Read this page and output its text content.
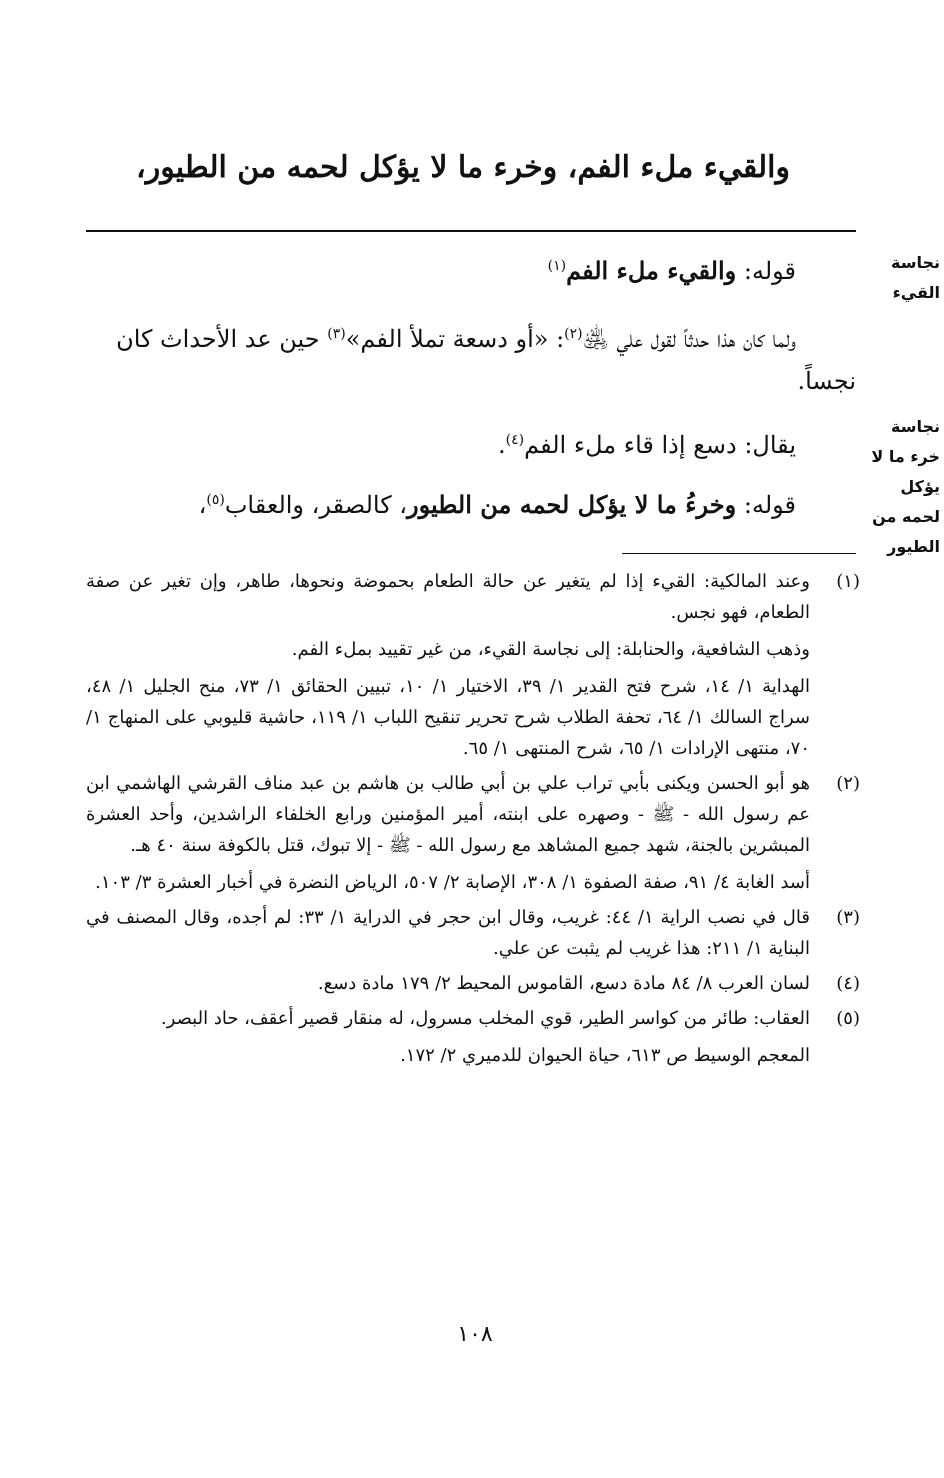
والقيء ملء الفم، وخرء ما لا يؤكل لحمه من الطيور،
نجاسة القيء
نجاسة خرء ما لا يؤكل لحمه من الطيور
قوله: والقيء ملء الفم$^{(١)}$
ولما كان هذا حدثاً لقول علي ﵁$^{(٢)}$: «أو دسعة تملأ الفم»$^{(٣)}$ حين عد الأحداث كان نجساً.
يقال: دسع إذا قاء ملء الفم$^{(٤)}$.
قوله: وخرءُ ما لا يؤكل لحمه من الطيور، كالصقر، والعقاب$^{(٥)}$،
(١)
وعند المالكية: القيء إذا لم يتغير عن حالة الطعام بحموضة ونحوها، طاهر، وإن تغير عن صفة الطعام، فهو نجس.
وذهب الشافعية، والحنابلة: إلى نجاسة القيء، من غير تقييد بملء الفم.
الهداية ١/ ١٤، شرح فتح القدير ١/ ٣٩، الاختيار ١/ ١٠، تبيين الحقائق ١/ ٧٣، منح الجليل ١/ ٤٨، سراج السالك ١/ ٦٤، تحفة الطلاب شرح تحرير تنقيح اللباب ١/ ١١٩، حاشية قليوبي على المنهاج ١/ ٧٠، منتهى الإرادات ١/ ٦٥، شرح المنتهى ١/ ٦٥.
(٢)
هو أبو الحسن ويكنى بأبي تراب علي بن أبي طالب بن هاشم بن عبد مناف القرشي الهاشمي ابن عم رسول الله - ﷺ - وصهره على ابنته، أمير المؤمنين ورابع الخلفاء الراشدين، وأحد العشرة المبشرين بالجنة، شهد جميع المشاهد مع رسول الله - ﷺ - إلا تبوك، قتل بالكوفة سنة ٤٠ هـ.
أسد الغابة ٤/ ٩١، صفة الصفوة ١/ ٣٠٨، الإصابة ٢/ ٥٠٧، الرياض النضرة في أخبار العشرة ٣/ ١٠٣.
(٣)
قال في نصب الراية ١/ ٤٤: غريب، وقال ابن حجر في الدراية ١/ ٣٣: لم أجده، وقال المصنف في البناية ١/ ٢١١: هذا غريب لم يثبت عن علي.
(٤)
لسان العرب ٨/ ٨٤ مادة دسع، القاموس المحيط ٢/ ١٧٩ مادة دسع.
(٥)
العقاب: طائر من كواسر الطير، قوي المخلب مسرول، له منقار قصير أعقف، حاد البصر.
المعجم الوسيط ص ٦١٣، حياة الحيوان للدميري ٢/ ١٧٢.
١٠٨
